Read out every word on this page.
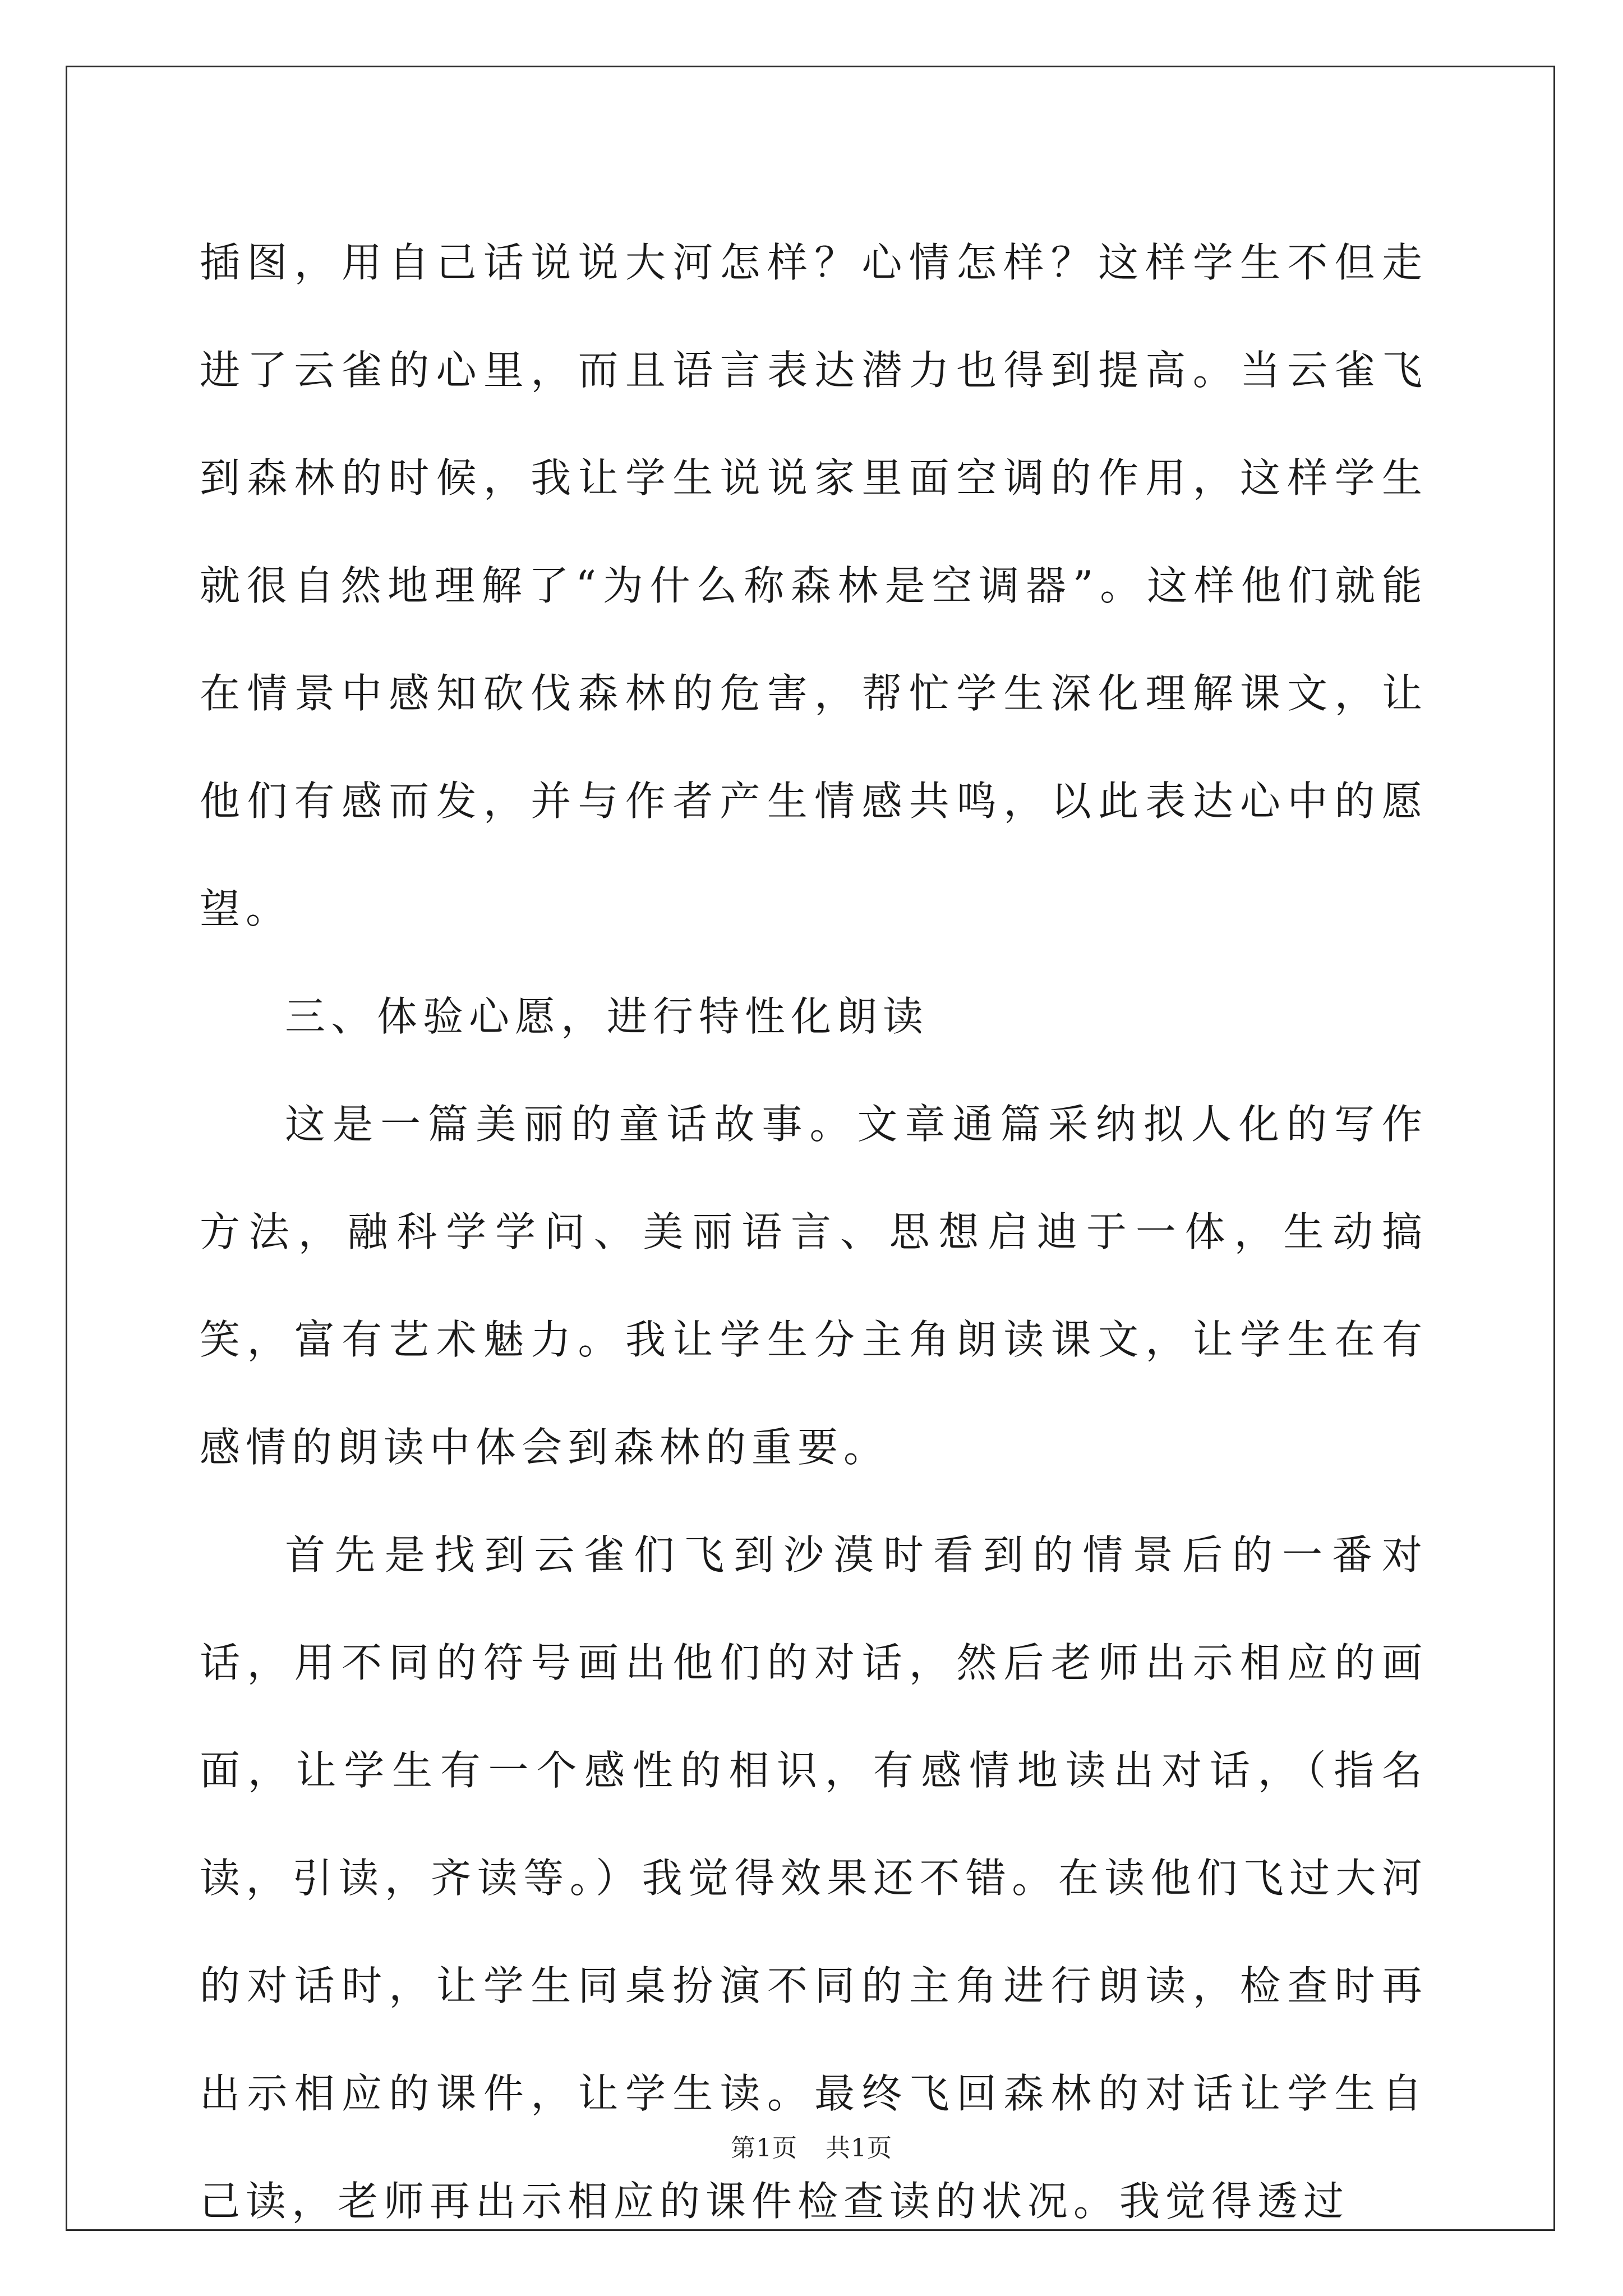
插图，用自己话说说大河怎样？心情怎样？这样学生不但走进了云雀的心里，而且语言表达潜力也得到提高。当云雀飞到森林的时候，我让学生说说家里面空调的作用，这样学生就很自然地理解了“为什么称森林是空调器”。这样他们就能在情景中感知砍伐森林的危害，帮忙学生深化理解课文，让他们有感而发，并与作者产生情感共鸣，以此表达心中的愿望。

三、体验心愿，进行特性化朗读

这是一篇美丽的童话故事。文章通篇采纳拟人化的写作方法，融科学学问、美丽语言、思想启迪于一体，生动搞笑，富有艺术魅力。我让学生分主角朗读课文，让学生在有感情的朗读中体会到森林的重要。

首先是找到云雀们飞到沙漠时看到的情景后的一番对话，用不同的符号画出他们的对话，然后老师出示相应的画面，让学生有一个感性的相识，有感情地读出对话，（指名读，引读，齐读等。）我觉得效果还不错。在读他们飞过大河的对话时，让学生同桌扮演不同的主角进行朗读，检查时再出示相应的课件，让学生读。最终飞回森林的对话让学生自己读，老师再出示相应的课件检查读的状况。我觉得透过

第1页 共1页
